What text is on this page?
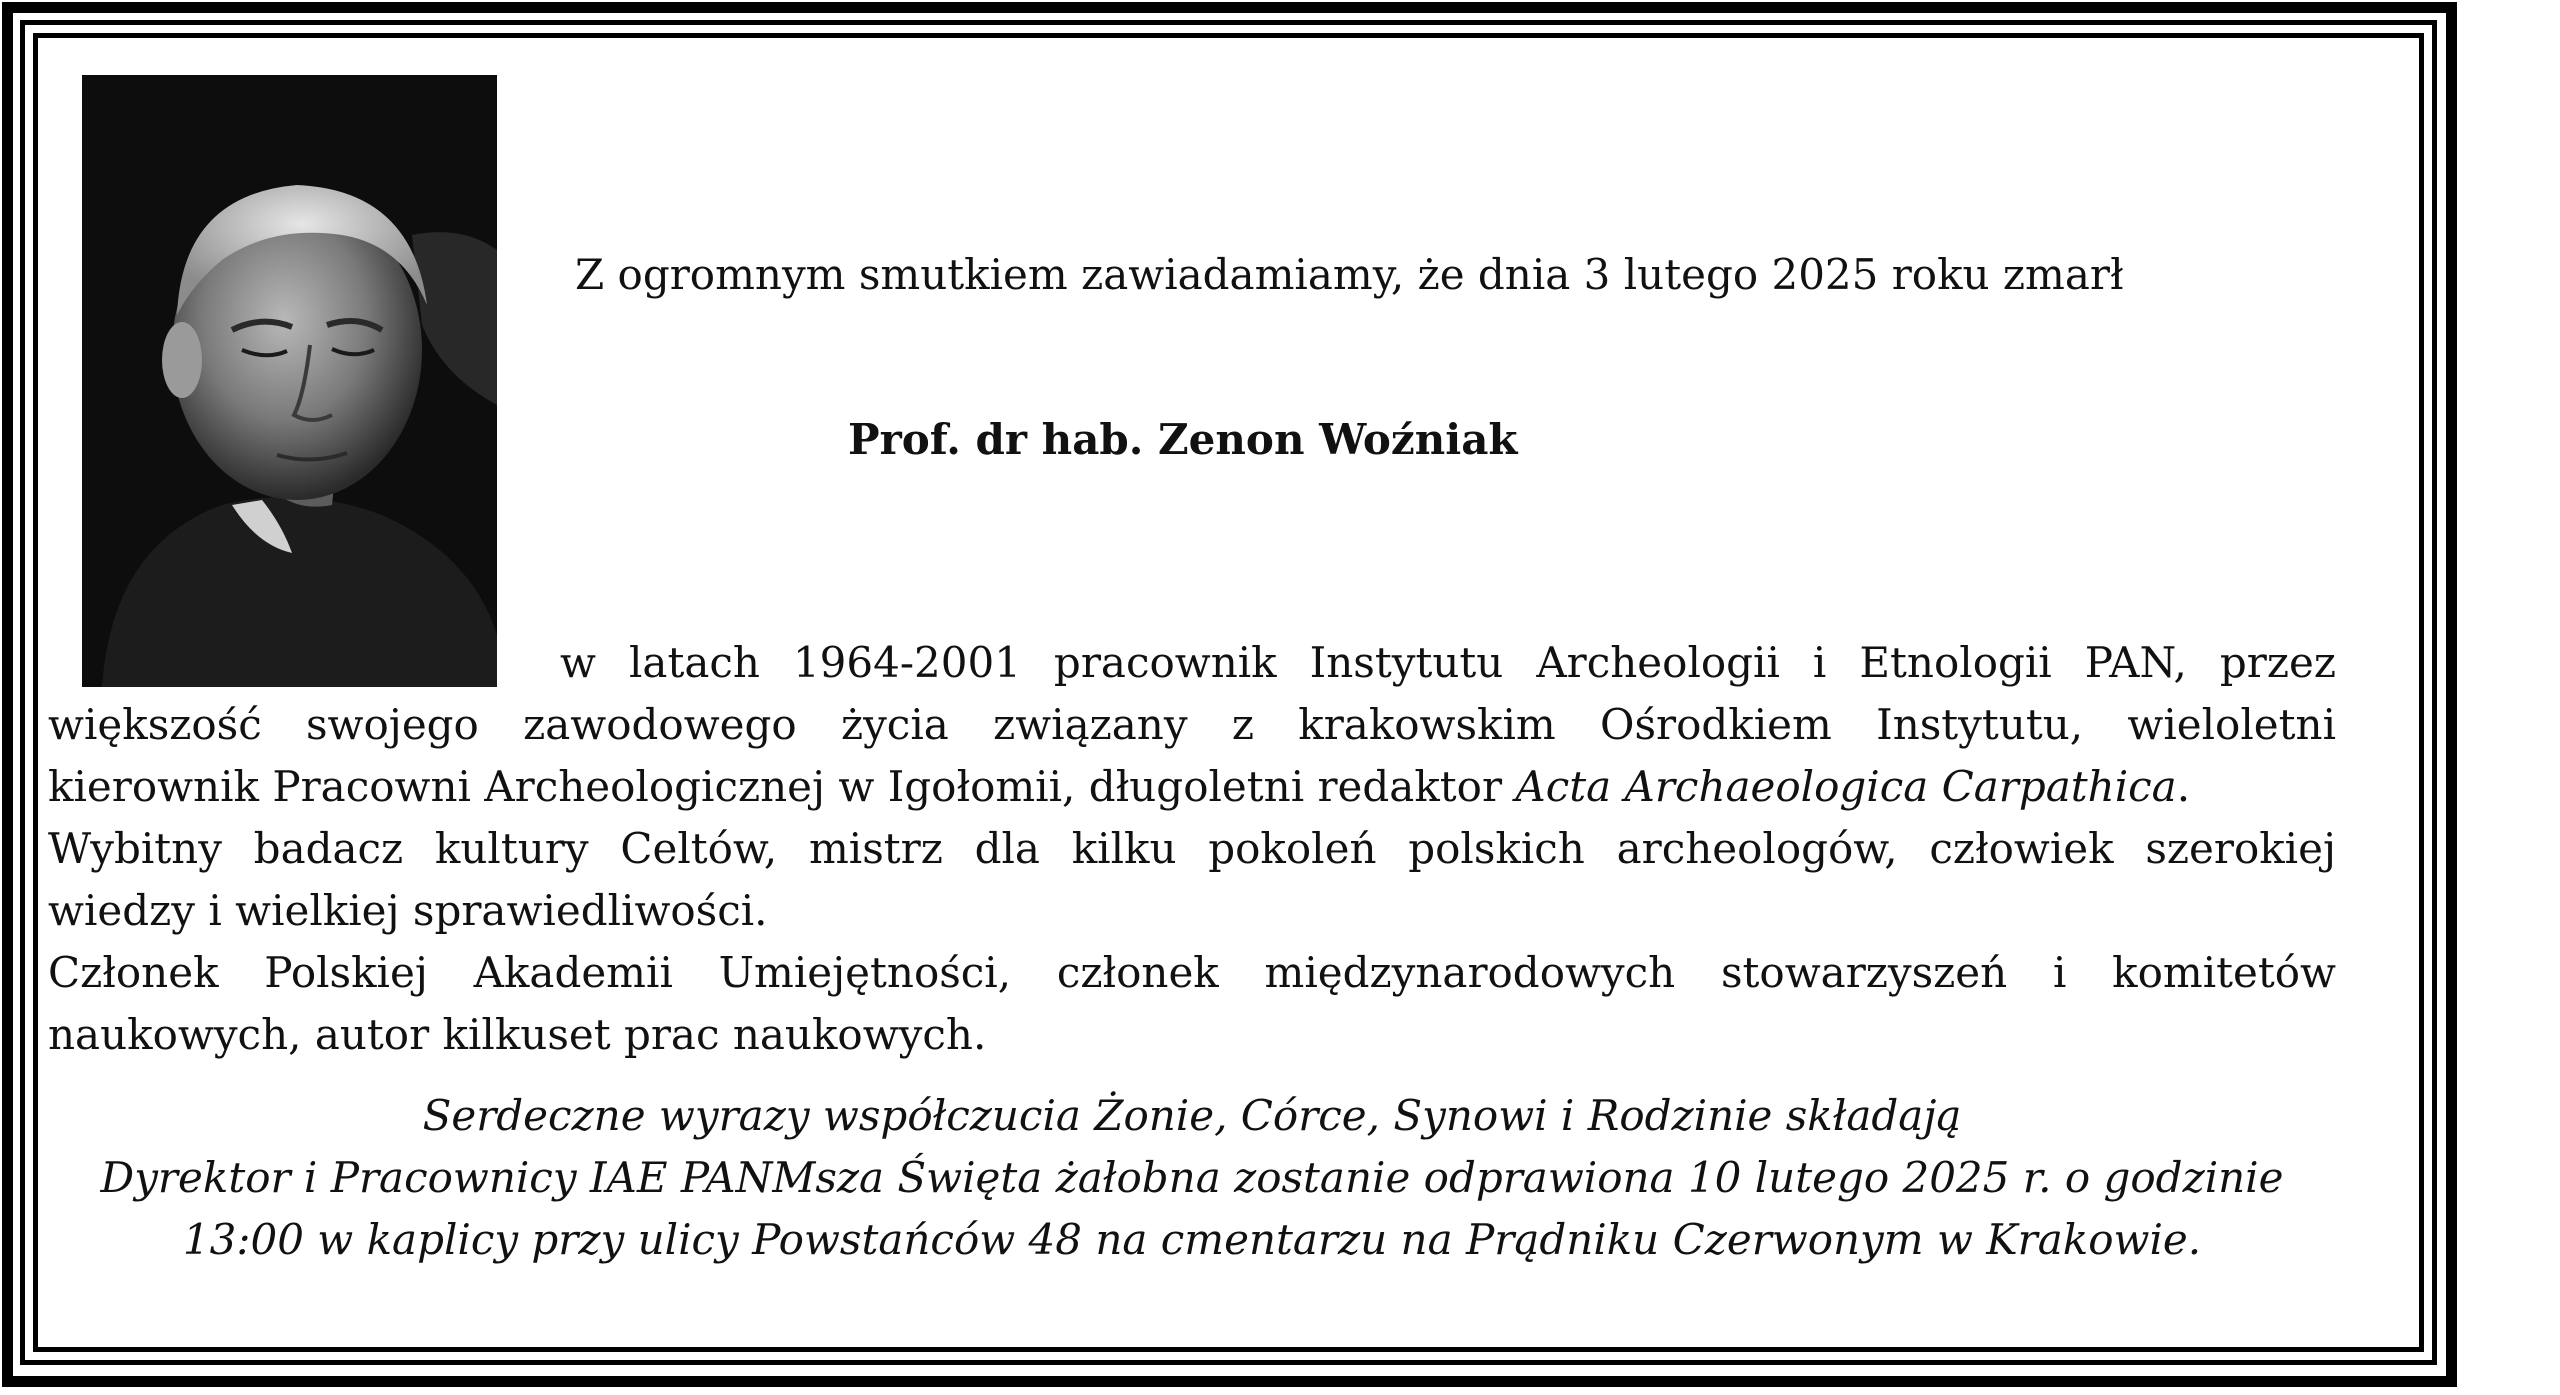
Z ogromnym smutkiem zawiadamiamy, że dnia 3 lutego 2025 roku zmarł

Prof. dr hab. Zenon Woźniak

w latach 1964-2001 pracownik Instytutu Archeologii i Etnologii PAN, przez
większość swojego zawodowego życia związany z krakowskim Ośrodkiem Instytutu, wieloletni
kierownik Pracowni Archeologicznej w Igołomii, długoletni redaktor Acta Archaeologica Carpathica.
Wybitny badacz kultury Celtów, mistrz dla kilku pokoleń polskich archeologów, człowiek szerokiej
wiedzy i wielkiej sprawiedliwości.
Członek Polskiej Akademii Umiejętności, członek międzynarodowych stowarzyszeń i komitetów
naukowych, autor kilkuset prac naukowych.
Serdeczne wyrazy współczucia Żonie, Córce, Synowi i Rodzinie składają
Dyrektor i Pracownicy IAE PANMsza Święta żałobna zostanie odprawiona 10 lutego 2025 r. o godzinie
13:00 w kaplicy przy ulicy Powstańców 48 na cmentarzu na Prądniku Czerwonym w Krakowie.
